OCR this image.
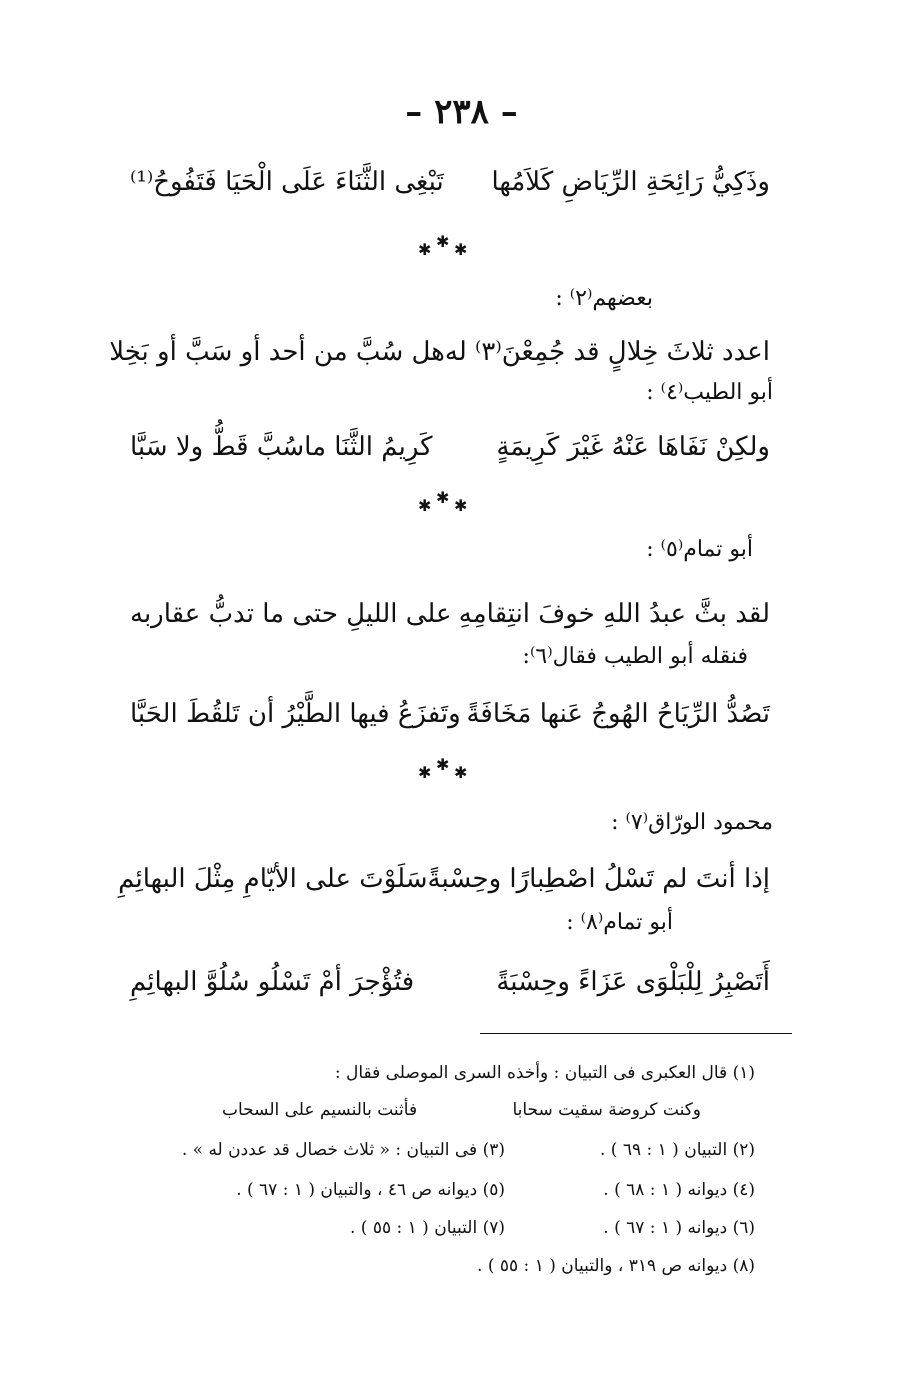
– ٢٣٨ –
وذَكِيُّ رَائِحَةِ الرِّيَاضِ كَلاَمُها
تَبْغِى الثَّنَاءَ عَلَى الْحَيَا فَتَفُوحُ⁽¹⁾
✱ ✱ ✱
بعضهم⁽٢⁾ :
اعدد ثلاثَ خِلالٍ قد جُمِعْنَ⁽٣⁾ له
هل سُبَّ من أحد أو سَبَّ أو بَخِلا
أبو الطيب⁽٤⁾ :
ولكِنْ نَفَاهَا عَنْهُ غَيْرَ كَرِيمَةٍ
كَرِيمُ الثَّنَا ماسُبَّ قَطُّ ولا سَبَّا
✱ ✱ ✱
أبو تمام⁽٥⁾ :
لقد بثَّ عبدُ اللهِ خوفَ انتِقامِهِ
على الليلِ حتى ما تدبُّ عقاربه
فنقله أبو الطيب فقال⁽٦⁾:
تَصُدُّ الرِّيَاحُ الهُوجُ عَنها مَخَافَةً
وتَفزَعُ فيها الطَّيْرُ أن تَلقُطَ الحَبَّا
✱ ✱ ✱
محمود الورّاق⁽٧⁾ :
إذا أنتَ لم تَسْلُ اصْطِبارًا وحِسْبةً
سَلَوْتَ على الأيّامِ مِثْلَ البهائِمِ
أبو تمام⁽٨⁾ :
أَتَصْبِرُ لِلْبَلْوَى عَزَاءً وحِسْبَةً
فتُؤْجرَ أمْ تَسْلُو سُلُوَّ البهائِمِ
(١) قال العكبرى فى التبيان : وأخذه السرى الموصلى فقال :
وكنت كروضة سقيت سحابا
فأثنت بالنسيم على السحاب
(٢) التبيان ( ١ : ٦٩ ) .
(٣) فى التبيان : « ثلاث خصال قد عددن له » .
(٤) ديوانه ( ١ : ٦٨ ) .
(٥) ديوانه ص ٤٦ ، والتبيان ( ١ : ٦٧ ) .
(٦) ديوانه ( ١ : ٦٧ ) .
(٧) التبيان ( ١ : ٥٥ ) .
(٨) ديوانه ص ٣١٩ ، والتبيان ( ١ : ٥٥ ) .
